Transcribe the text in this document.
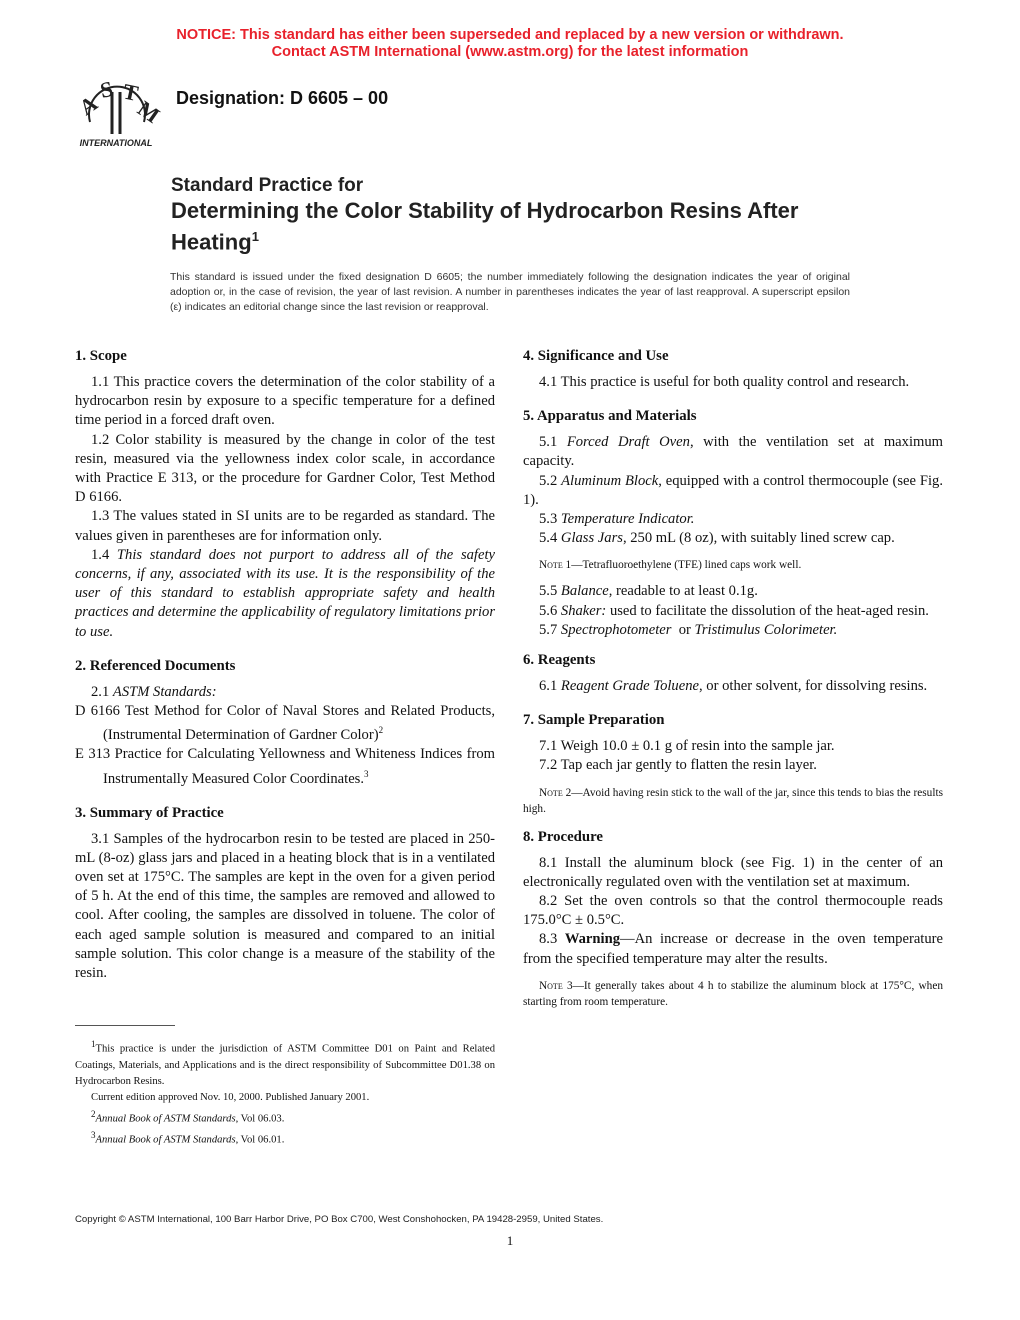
NOTICE: This standard has either been superseded and replaced by a new version or withdrawn.
Contact ASTM International (www.astm.org) for the latest information
A
S T
M
INTERNATIONAL
Designation: D 6605 – 00
Standard Practice for
Determining the Color Stability of Hydrocarbon Resins After
Heating$^1$
This standard is issued under the fixed designation D 6605; the number immediately following the designation indicates the year of original adoption or, in the case of revision, the year of last revision. A number in parentheses indicates the year of last reapproval. A superscript epsilon (ε) indicates an editorial change since the last revision or reapproval.
1. Scope

1.1 This practice covers the determination of the color stability of a hydrocarbon resin by exposure to a specific temperature for a defined time period in a forced draft oven.

1.2 Color stability is measured by the change in color of the test resin, measured via the yellowness index color scale, in accordance with Practice E 313, or the procedure for Gardner Color, Test Method D 6166.

1.3 The values stated in SI units are to be regarded as standard. The values given in parentheses are for information only.

1.4 This standard does not purport to address all of the safety concerns, if any, associated with its use. It is the responsibility of the user of this standard to establish appropriate safety and health practices and determine the applicability of regulatory limitations prior to use.

2. Referenced Documents

2.1 ASTM Standards:

D 6166 Test Method for Color of Naval Stores and Related Products, (Instrumental Determination of Gardner Color)$^2$

E 313 Practice for Calculating Yellowness and Whiteness Indices from Instrumentally Measured Color Coordinates.$^3$

3. Summary of Practice

3.1 Samples of the hydrocarbon resin to be tested are placed in 250-mL (8-oz) glass jars and placed in a heating block that is in a ventilated oven set at 175°C. The samples are kept in the oven for a given period of 5 h. At the end of this time, the samples are removed and allowed to cool. After cooling, the samples are dissolved in toluene. The color of each aged sample solution is measured and compared to an initial sample solution. This color change is a measure of the stability of the resin.

$^1$This practice is under the jurisdiction of ASTM Committee D01 on Paint and Related Coatings, Materials, and Applications and is the direct responsibility of Subcommittee D01.38 on Hydrocarbon Resins.

Current edition approved Nov. 10, 2000. Published January 2001.

$^2$Annual Book of ASTM Standards, Vol 06.03.

$^3$Annual Book of ASTM Standards, Vol 06.01.

4. Significance and Use

4.1 This practice is useful for both quality control and research.

5. Apparatus and Materials

5.1 Forced Draft Oven, with the ventilation set at maximum capacity.

5.2 Aluminum Block, equipped with a control thermocouple (see Fig. 1).

5.3 Temperature Indicator.

5.4 Glass Jars, 250 mL (8 oz), with suitably lined screw cap.

Note 1—Tetrafluoroethylene (TFE) lined caps work well.

5.5 Balance, readable to at least 0.1g.

5.6 Shaker: used to facilitate the dissolution of the heat-aged resin.

5.7 Spectrophotometer  or Tristimulus Colorimeter.

6. Reagents

6.1 Reagent Grade Toluene, or other solvent, for dissolving resins.

7. Sample Preparation

7.1 Weigh 10.0 ± 0.1 g of resin into the sample jar.

7.2 Tap each jar gently to flatten the resin layer.

Note 2—Avoid having resin stick to the wall of the jar, since this tends to bias the results high.

8. Procedure

8.1 Install the aluminum block (see Fig. 1) in the center of an electronically regulated oven with the ventilation set at maximum.

8.2 Set the oven controls so that the control thermocouple reads 175.0°C ± 0.5°C.

8.3 Warning—An increase or decrease in the oven temperature from the specified temperature may alter the results.

Note 3—It generally takes about 4 h to stabilize the aluminum block at 175°C, when starting from room temperature.

Copyright © ASTM International, 100 Barr Harbor Drive, PO Box C700, West Conshohocken, PA 19428-2959, United States.
1
